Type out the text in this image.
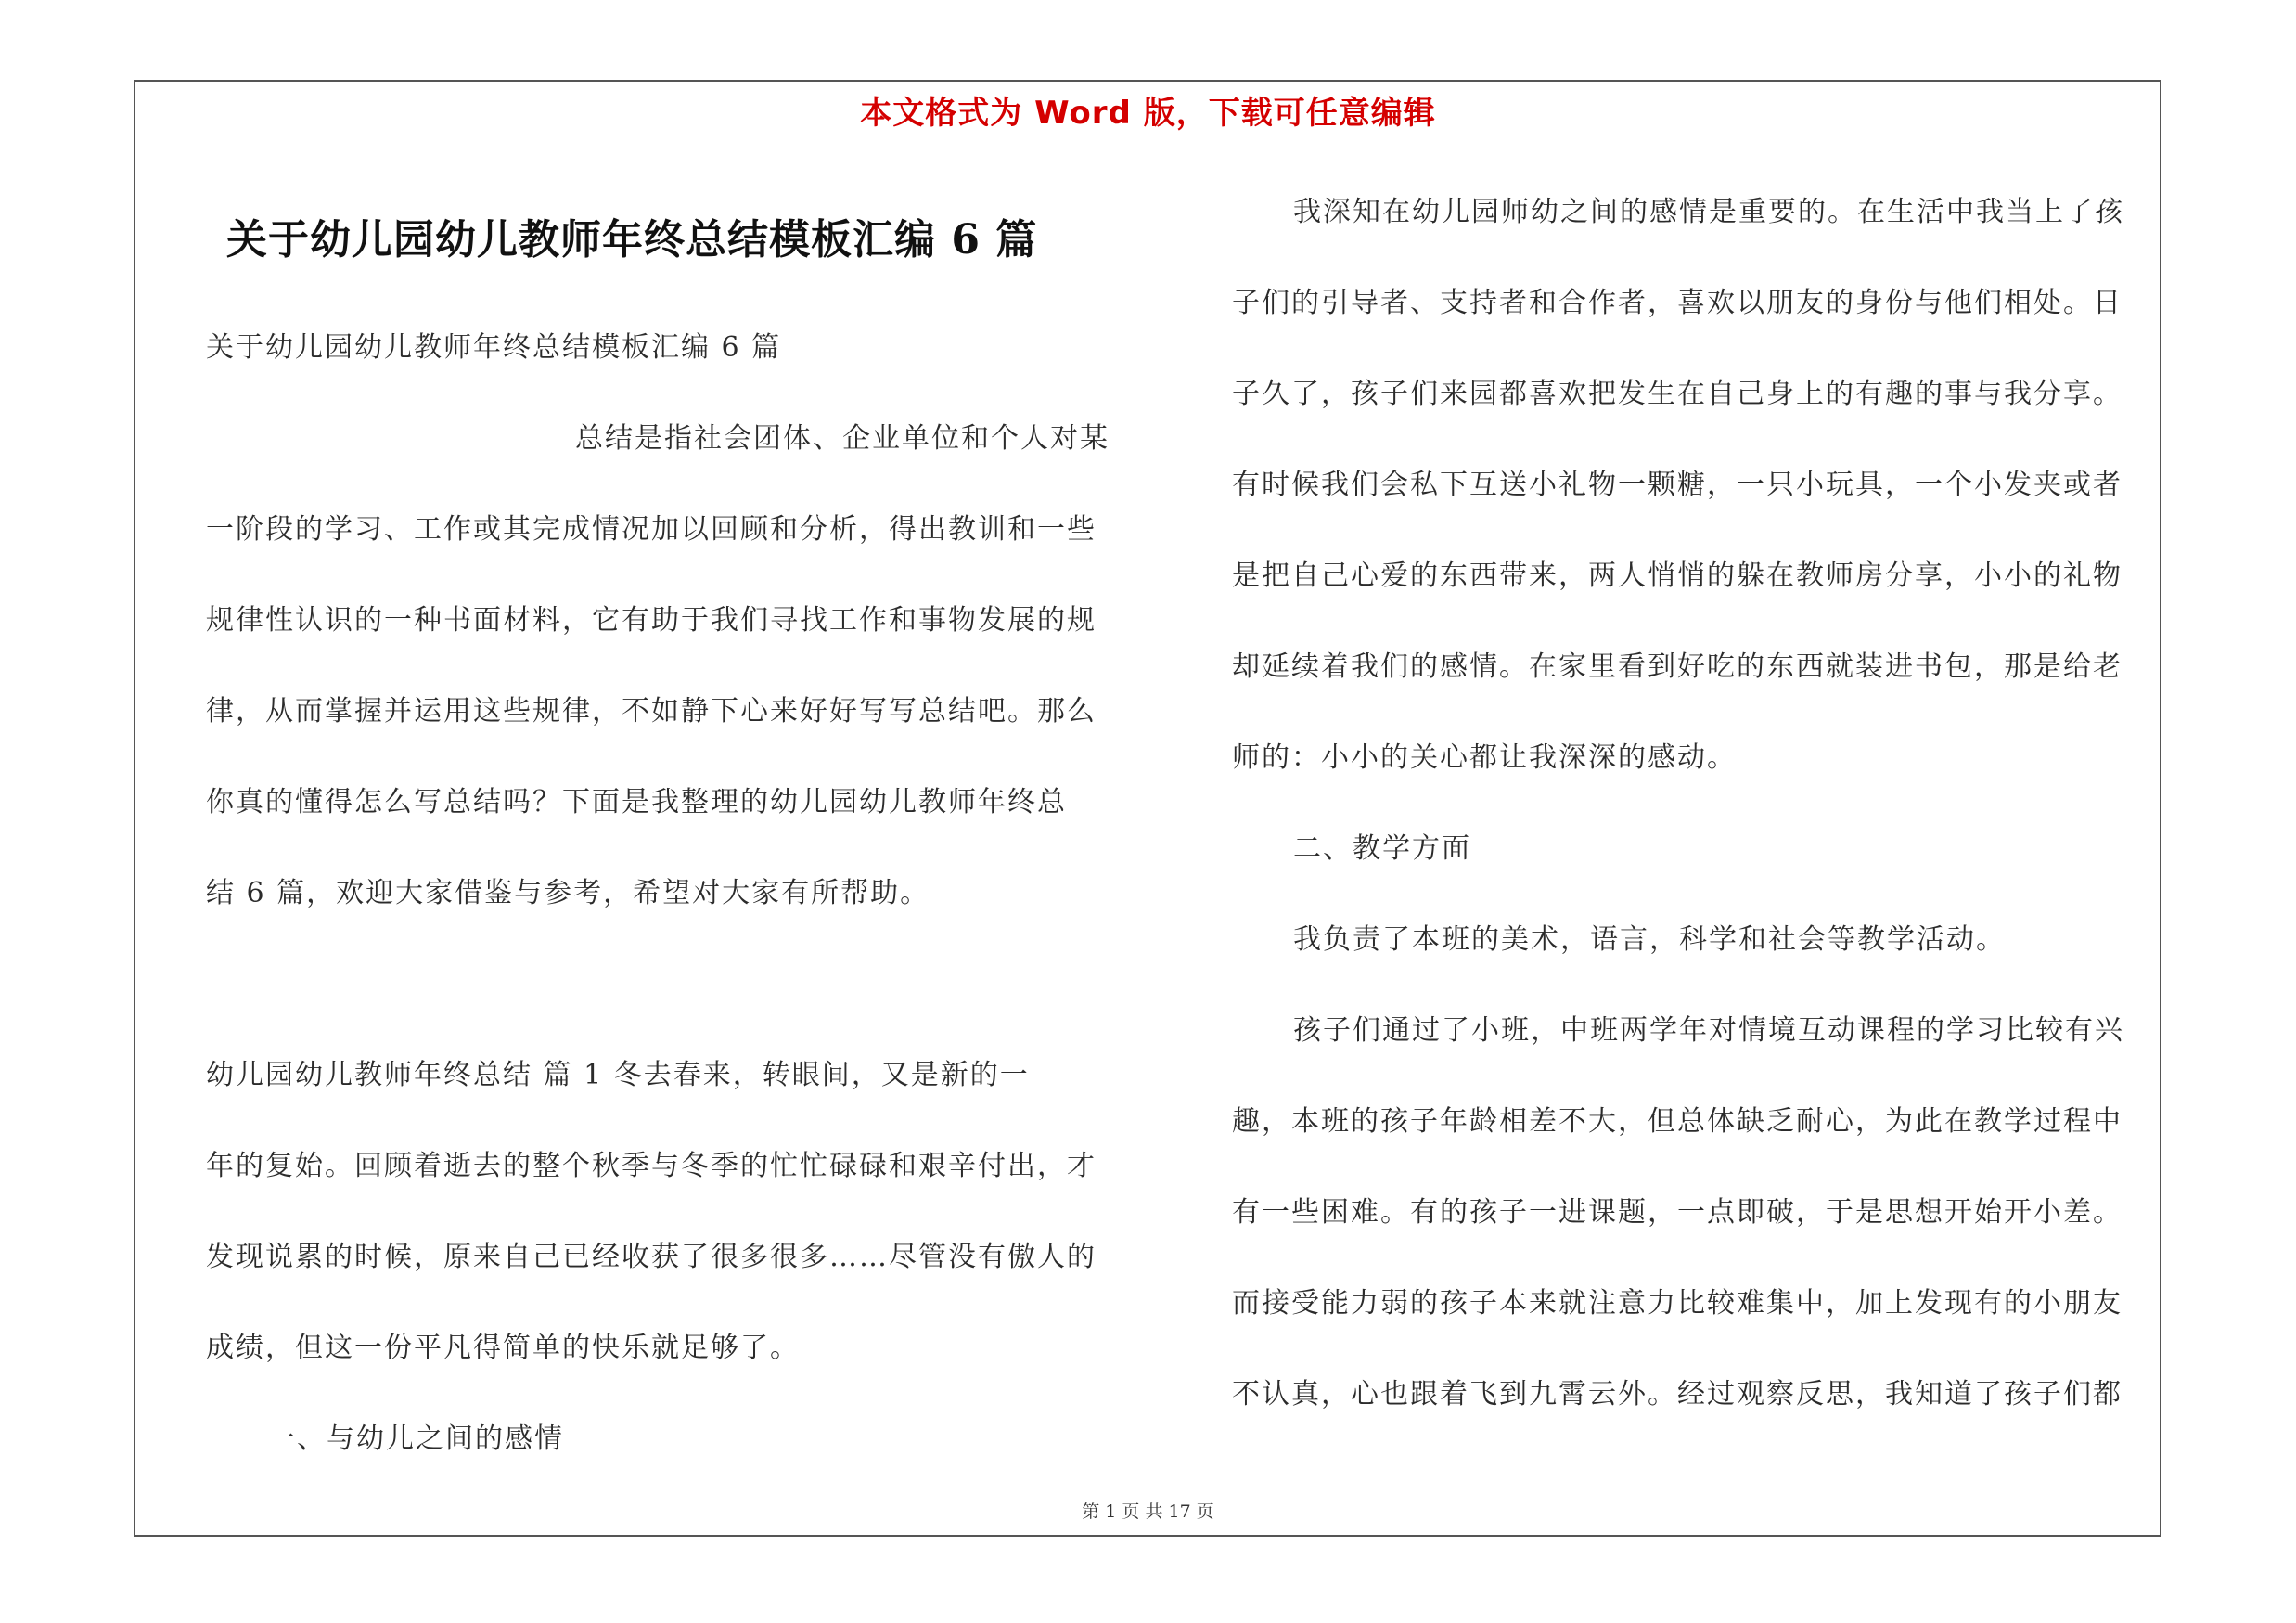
本文格式为 Word 版，下载可任意编辑
关于幼儿园幼儿教师年终总结模板汇编 6 篇
关于幼儿园幼儿教师年终总结模板汇编 6 篇
总结是指社会团体、企业单位和个人对某
一阶段的学习、工作或其完成情况加以回顾和分析，得出教训和一些
规律性认识的一种书面材料，它有助于我们寻找工作和事物发展的规
律，从而掌握并运用这些规律，不如静下心来好好写写总结吧。那么
你真的懂得怎么写总结吗？下面是我整理的幼儿园幼儿教师年终总
结 6 篇，欢迎大家借鉴与参考，希望对大家有所帮助。
幼儿园幼儿教师年终总结 篇 1 冬去春来，转眼间，又是新的一
年的复始。回顾着逝去的整个秋季与冬季的忙忙碌碌和艰辛付出，才
发现说累的时候，原来自己已经收获了很多很多……尽管没有傲人的
成绩，但这一份平凡得简单的快乐就足够了。
一、与幼儿之间的感情
我深知在幼儿园师幼之间的感情是重要的。在生活中我当上了孩
子们的引导者、支持者和合作者，喜欢以朋友的身份与他们相处。日
子久了，孩子们来园都喜欢把发生在自己身上的有趣的事与我分享。
有时候我们会私下互送小礼物一颗糖，一只小玩具，一个小发夹或者
是把自己心爱的东西带来，两人悄悄的躲在教师房分享，小小的礼物
却延续着我们的感情。在家里看到好吃的东西就装进书包，那是给老
师的：小小的关心都让我深深的感动。
二、教学方面
我负责了本班的美术，语言，科学和社会等教学活动。
孩子们通过了小班，中班两学年对情境互动课程的学习比较有兴
趣，本班的孩子年龄相差不大，但总体缺乏耐心，为此在教学过程中
有一些困难。有的孩子一进课题，一点即破，于是思想开始开小差。
而接受能力弱的孩子本来就注意力比较难集中，加上发现有的小朋友
不认真，心也跟着飞到九霄云外。经过观察反思，我知道了孩子们都
第 1 页 共 17 页
